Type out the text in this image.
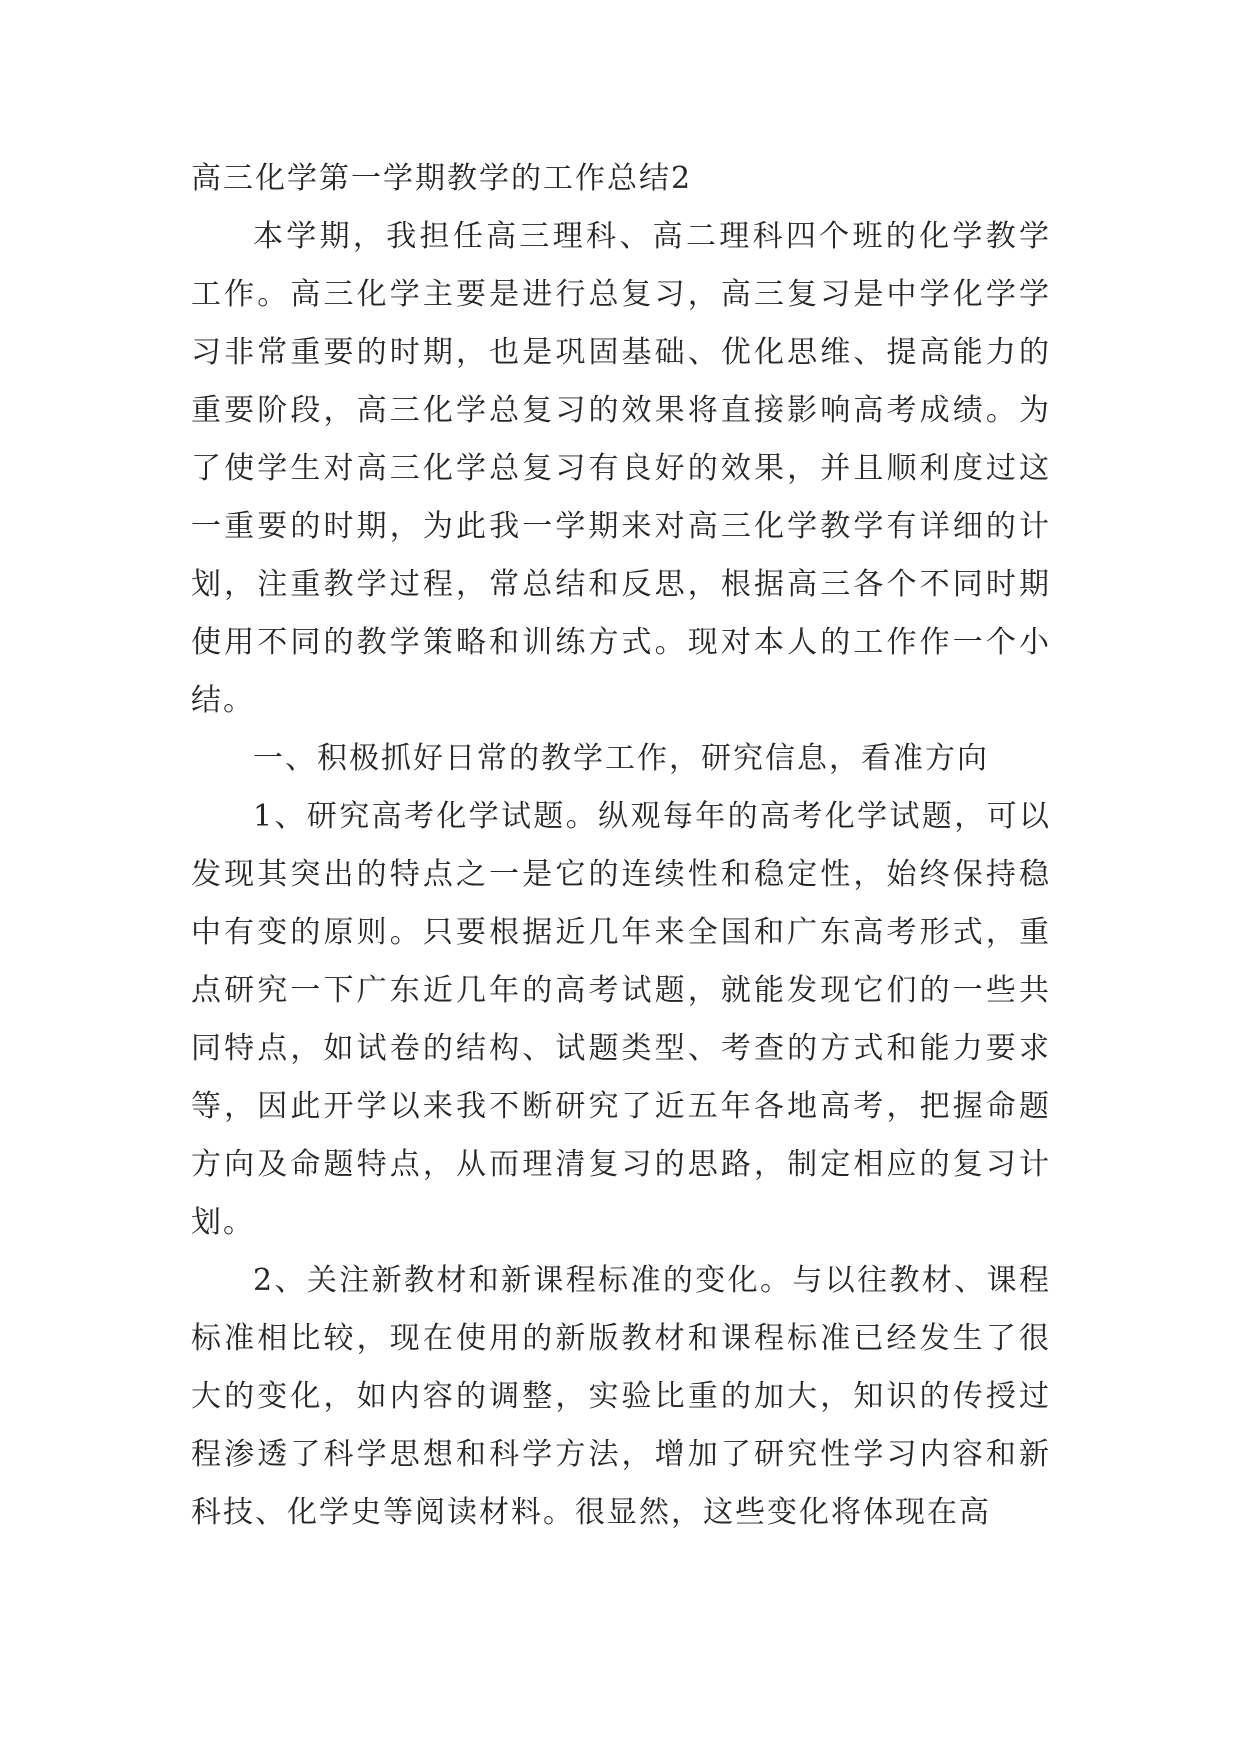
高三化学第一学期教学的工作总结2

本学期，我担任高三理科、高二理科四个班的化学教学工作。高三化学主要是进行总复习，高三复习是中学化学学习非常重要的时期，也是巩固基础、优化思维、提高能力的重要阶段，高三化学总复习的效果将直接影响高考成绩。为了使学生对高三化学总复习有良好的效果，并且顺利度过这一重要的时期，为此我一学期来对高三化学教学有详细的计划，注重教学过程，常总结和反思，根据高三各个不同时期使用不同的教学策略和训练方式。现对本人的工作作一个小结。

一、积极抓好日常的教学工作，研究信息，看准方向

1、研究高考化学试题。纵观每年的高考化学试题，可以发现其突出的特点之一是它的连续性和稳定性，始终保持稳中有变的原则。只要根据近几年来全国和广东高考形式，重点研究一下广东近几年的高考试题，就能发现它们的一些共同特点，如试卷的结构、试题类型、考查的方式和能力要求等，因此开学以来我不断研究了近五年各地高考，把握命题方向及命题特点，从而理清复习的思路，制定相应的复习计划。

2、关注新教材和新课程标准的变化。与以往教材、课程标准相比较，现在使用的新版教材和课程标准已经发生了很大的变化，如内容的调整，实验比重的加大，知识的传授过程渗透了科学思想和科学方法，增加了研究性学习内容和新科技、化学史等阅读材料。很显然，这些变化将体现在高
